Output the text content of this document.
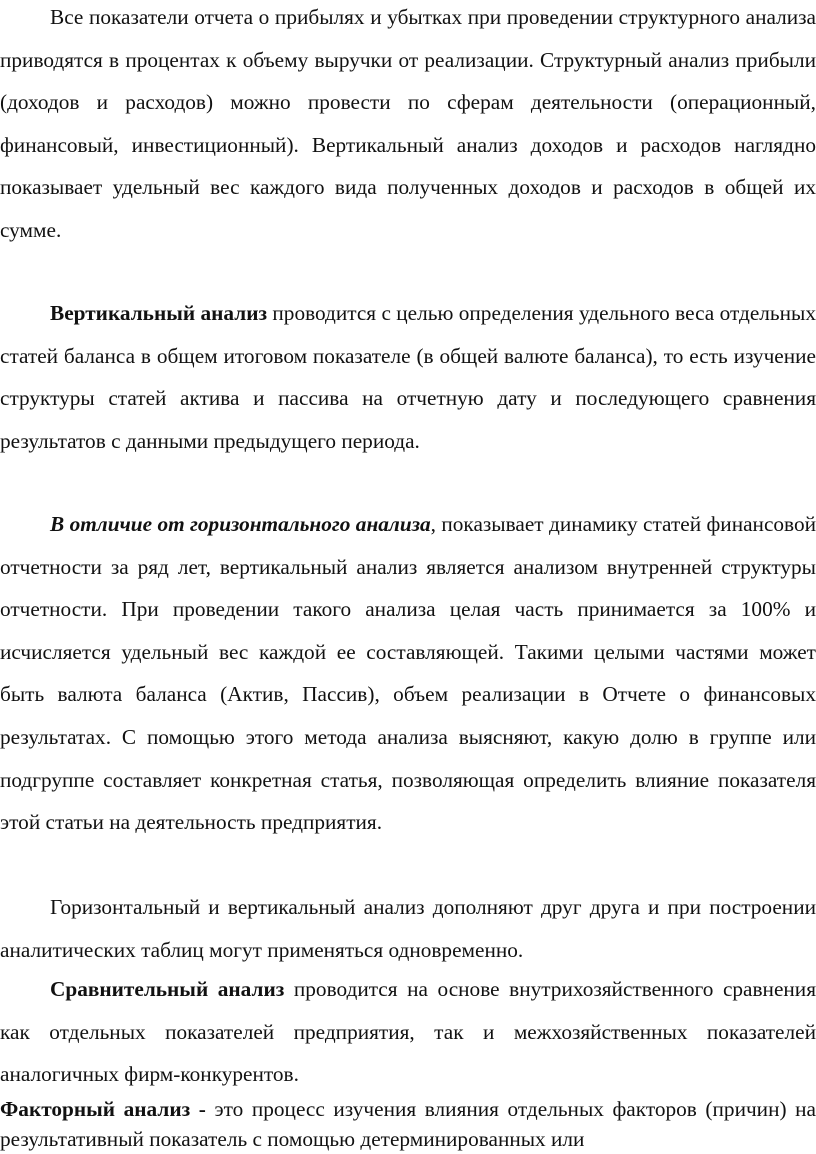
Все показатели отчета о прибылях и убытках при проведении структурного анализа приводятся в процентах к объему выручки от реализации. Структурный анализ прибыли (доходов и расходов) можно провести по сферам деятельности (операционный, финансовый, инвестиционный). Вертикальный анализ доходов и расходов наглядно показывает удельный вес каждого вида полученных доходов и расходов в общей их сумме.

Вертикальный анализ проводится с целью определения удельного веса отдельных статей баланса в общем итоговом показателе (в общей валюте баланса), то есть изучение структуры статей актива и пассива на отчетную дату и последующего сравнения результатов с данными предыдущего периода.

В отличие от горизонтального анализа, показывает динамику статей финансовой отчетности за ряд лет, вертикальный анализ является анализом внутренней структуры отчетности. При проведении такого анализа целая часть принимается за 100% и исчисляется удельный вес каждой ее составляющей. Такими целыми частями может быть валюта баланса (Актив, Пассив), объем реализации в Отчете о финансовых результатах. С помощью этого метода анализа выясняют, какую долю в группе или подгруппе составляет конкретная статья, позволяющая определить влияние показателя этой статьи на деятельность предприятия.

Горизонтальный и вертикальный анализ дополняют друг друга и при построении аналитических таблиц могут применяться одновременно.

Сравнительный анализ проводится на основе внутрихозяйственного сравнения как отдельных показателей предприятия, так и межхозяйственных показателей аналогичных фирм-конкурентов.

Факторный анализ - это процесс изучения влияния отдельных факторов (причин) на результативный показатель с помощью детерминированных или
